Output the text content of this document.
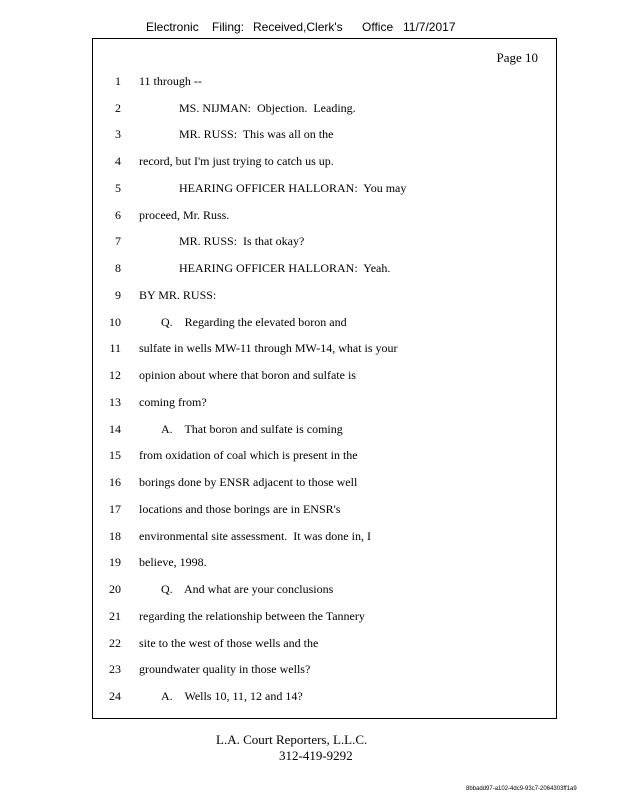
Electronic Filing: Received,Clerk's Office 11/7/2017
Page 10
1 11 through --
2	MS. NIJMAN:  Objection.  Leading.
3	MR. RUSS:  This was all on the
4 record, but I'm just trying to catch us up.
5	HEARING OFFICER HALLORAN:  You may
6 proceed, Mr. Russ.
7	MR. RUSS:  Is that okay?
8	HEARING OFFICER HALLORAN:  Yeah.
9 BY MR. RUSS:
10	Q.    Regarding the elevated boron and
11 sulfate in wells MW-11 through MW-14, what is your
12 opinion about where that boron and sulfate is
13 coming from?
14	A.    That boron and sulfate is coming
15 from oxidation of coal which is present in the
16 borings done by ENSR adjacent to those well
17 locations and those borings are in ENSR's
18 environmental site assessment.  It was done in, I
19 believe, 1998.
20	Q.    And what are your conclusions
21 regarding the relationship between the Tannery
22 site to the west of those wells and the
23 groundwater quality in those wells?
24	A.    Wells 10, 11, 12 and 14?
L.A. Court Reporters, L.L.C.
312-419-9292
8bbadd97-a102-4dc9-93c7-2064303ff1a9
